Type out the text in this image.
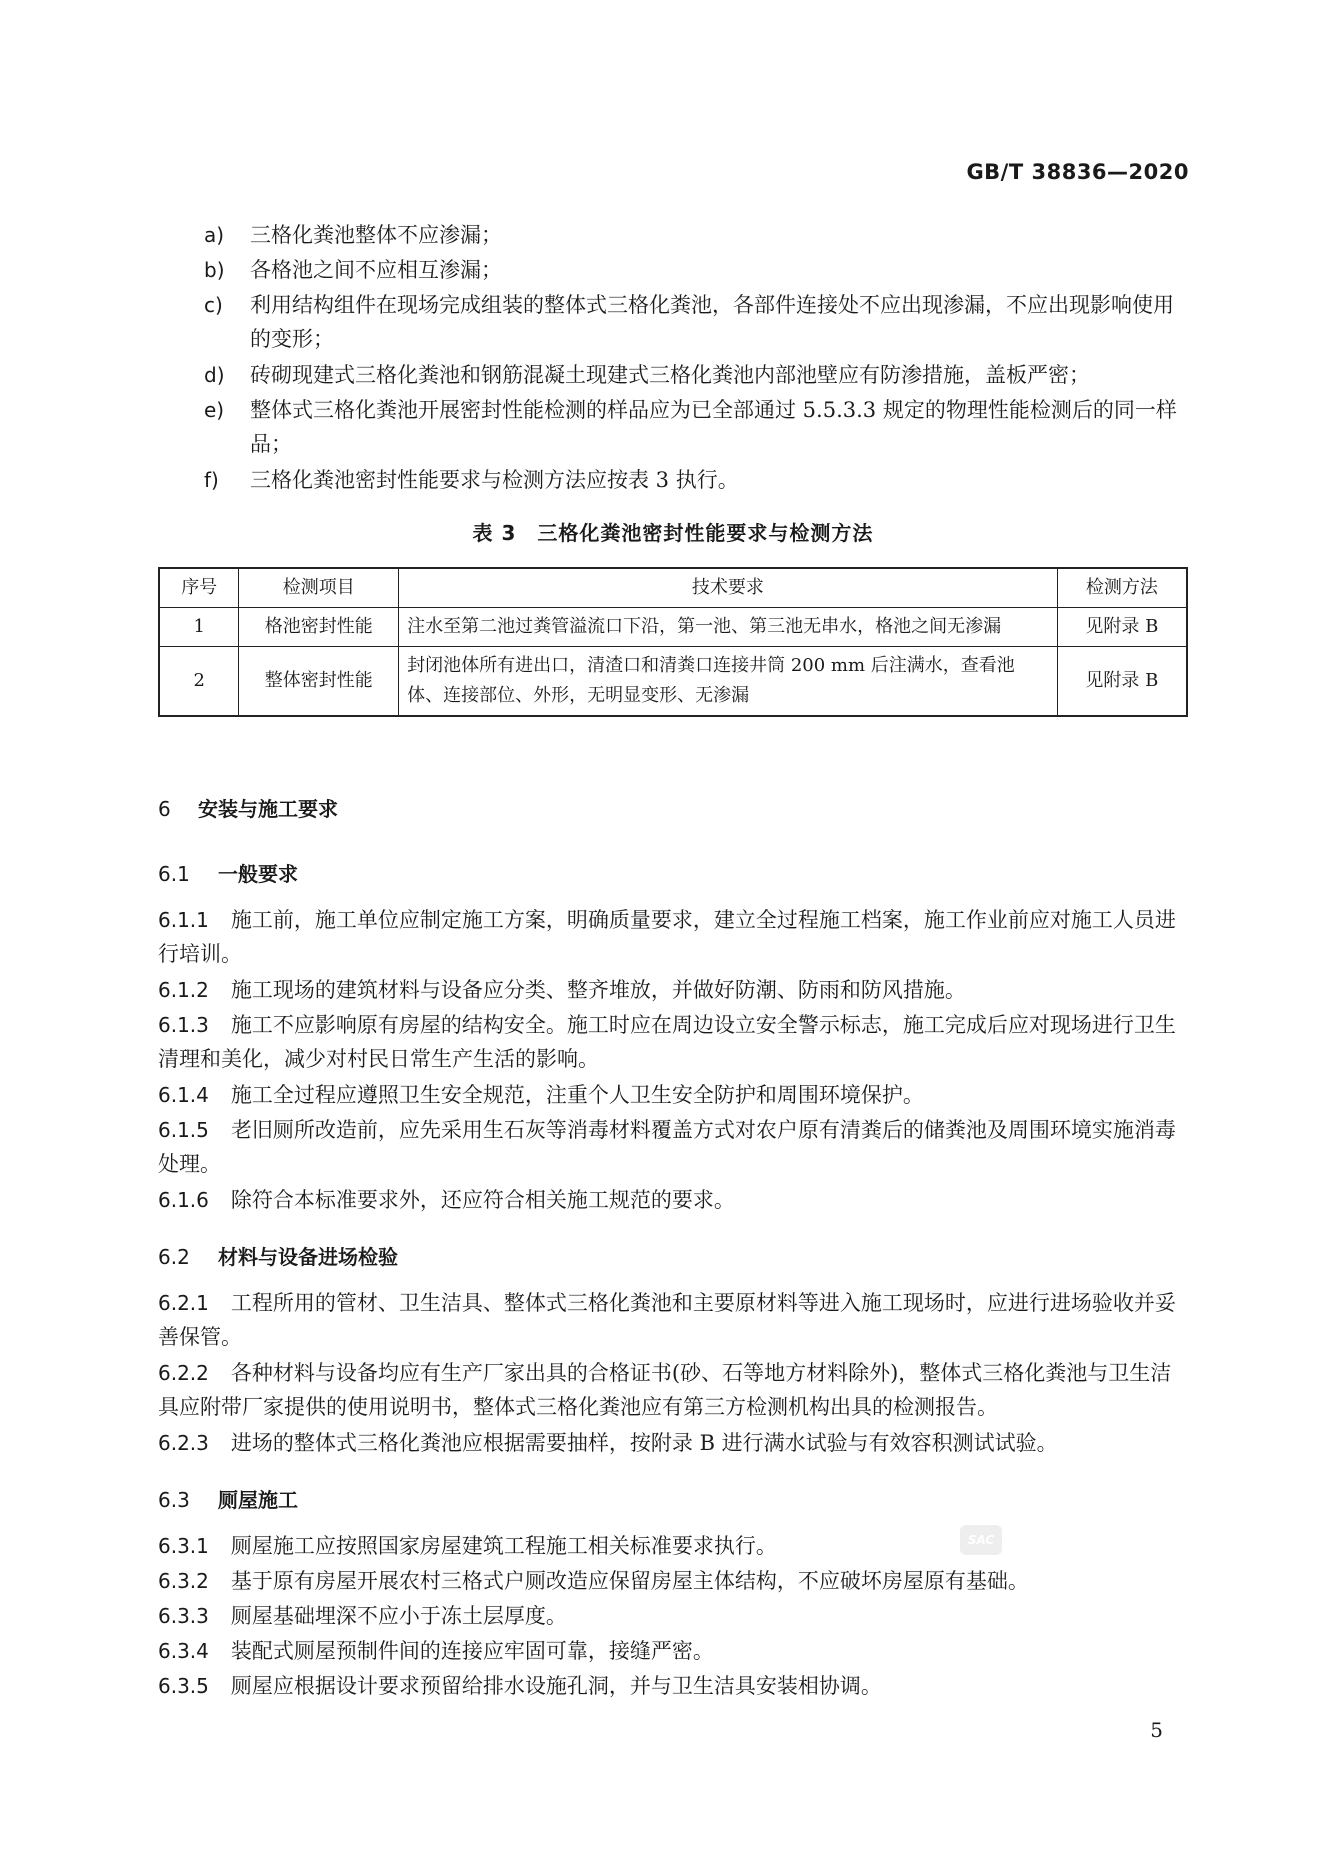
GB/T 38836—2020
a)	三格化粪池整体不应渗漏；
b)	各格池之间不应相互渗漏；
c)	利用结构组件在现场完成组装的整体式三格化粪池，各部件连接处不应出现渗漏，不应出现影响使用的变形；
d)	砖砌现建式三格化粪池和钢筋混凝土现建式三格化粪池内部池壁应有防渗措施，盖板严密；
e)	整体式三格化粪池开展密封性能检测的样品应为已全部通过 5.5.3.3 规定的物理性能检测后的同一样品；
f)	三格化粪池密封性能要求与检测方法应按表 3 执行。
表 3　三格化粪池密封性能要求与检测方法
序号	检测项目	技术要求	检测方法
1	格池密封性能	注水至第二池过粪管溢流口下沿，第一池、第三池无串水，格池之间无渗漏	见附录 B
2	整体密封性能	封闭池体所有进出口，清渣口和清粪口连接井筒 200 mm 后注满水，查看池体、连接部位、外形，无明显变形、无渗漏	见附录 B
6 安装与施工要求
6.1 一般要求
6.1.1 施工前，施工单位应制定施工方案，明确质量要求，建立全过程施工档案，施工作业前应对施工人员进行培训。
6.1.2 施工现场的建筑材料与设备应分类、整齐堆放，并做好防潮、防雨和防风措施。
6.1.3 施工不应影响原有房屋的结构安全。施工时应在周边设立安全警示标志，施工完成后应对现场进行卫生清理和美化，减少对村民日常生产生活的影响。
6.1.4 施工全过程应遵照卫生安全规范，注重个人卫生安全防护和周围环境保护。
6.1.5 老旧厕所改造前，应先采用生石灰等消毒材料覆盖方式对农户原有清粪后的储粪池及周围环境实施消毒处理。
6.1.6 除符合本标准要求外，还应符合相关施工规范的要求。
6.2 材料与设备进场检验
6.2.1 工程所用的管材、卫生洁具、整体式三格化粪池和主要原材料等进入施工现场时，应进行进场验收并妥善保管。
6.2.2 各种材料与设备均应有生产厂家出具的合格证书(砂、石等地方材料除外)，整体式三格化粪池与卫生洁具应附带厂家提供的使用说明书，整体式三格化粪池应有第三方检测机构出具的检测报告。
6.2.3 进场的整体式三格化粪池应根据需要抽样，按附录 B 进行满水试验与有效容积测试试验。
6.3 厕屋施工
6.3.1 厕屋施工应按照国家房屋建筑工程施工相关标准要求执行。
6.3.2 基于原有房屋开展农村三格式户厕改造应保留房屋主体结构，不应破坏房屋原有基础。
6.3.3 厕屋基础埋深不应小于冻土层厚度。
6.3.4 装配式厕屋预制件间的连接应牢固可靠，接缝严密。
6.3.5 厕屋应根据设计要求预留给排水设施孔洞，并与卫生洁具安装相协调。
SAC
5
